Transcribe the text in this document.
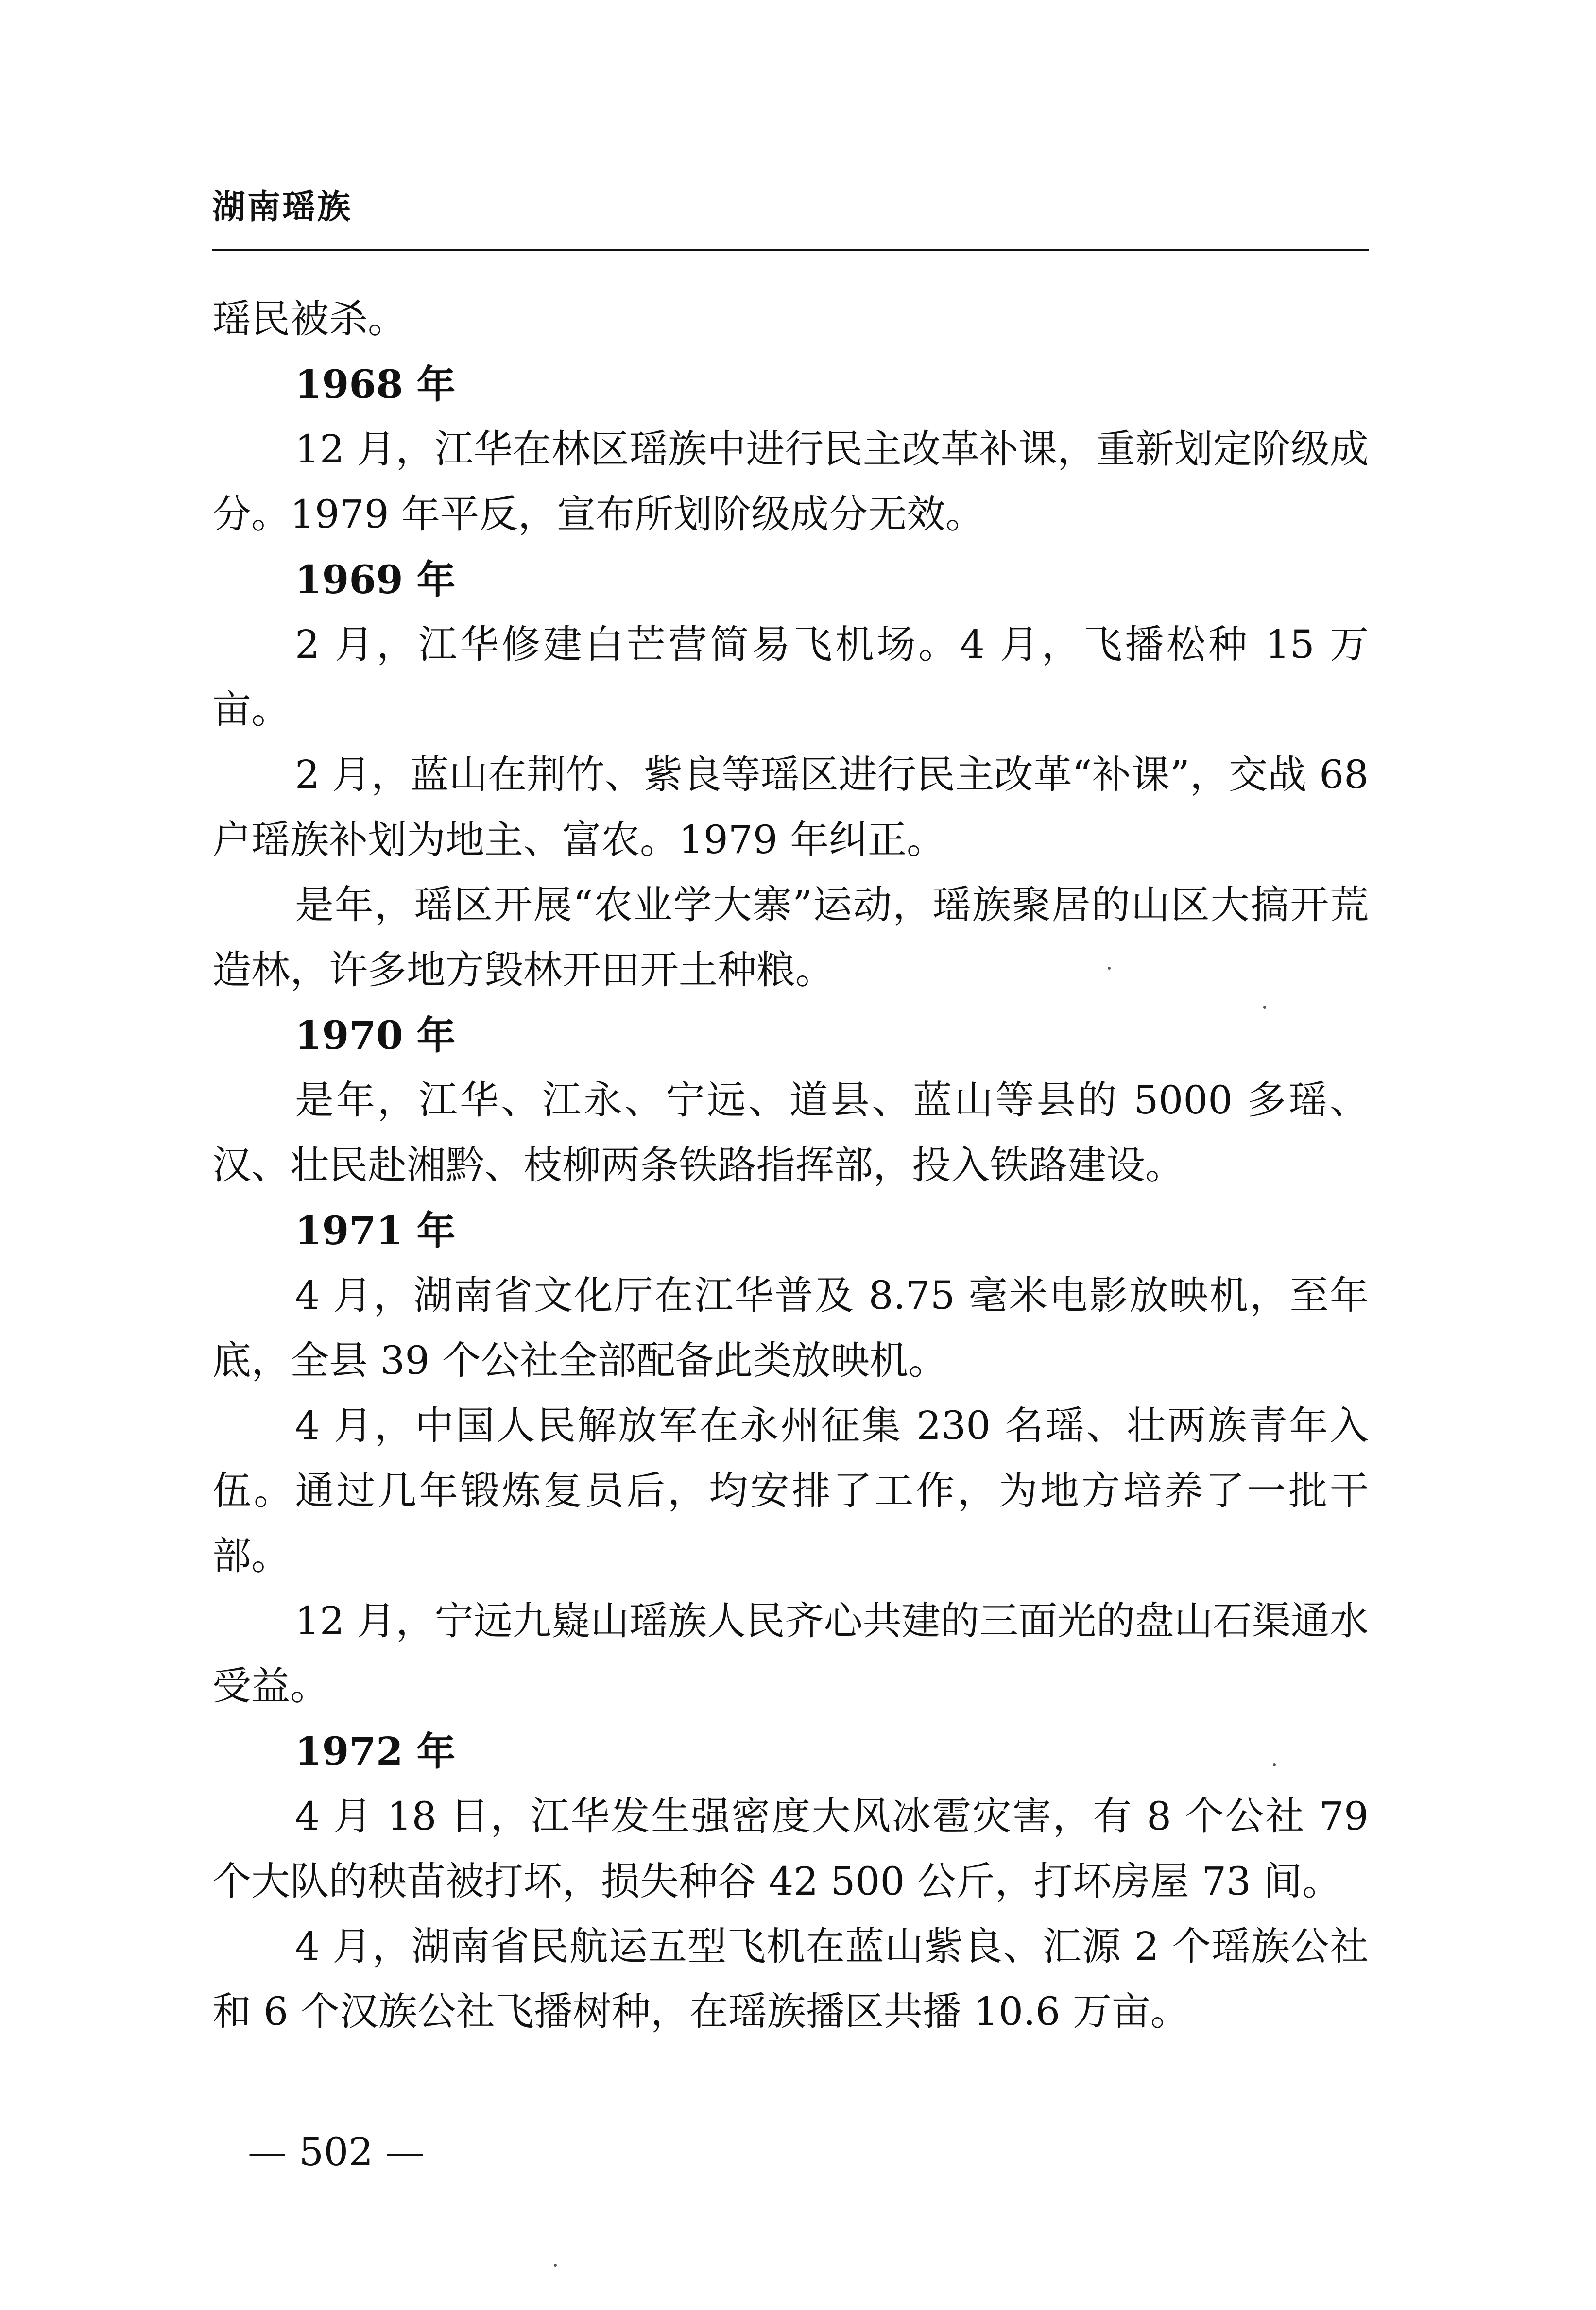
湖南瑶族

瑶民被杀。

1968 年

12 月，江华在林区瑶族中进行民主改革补课，重新划定阶级成分。1979 年平反，宣布所划阶级成分无效。

1969 年

2 月，江华修建白芒营简易飞机场。4 月，飞播松种 15 万亩。

2 月，蓝山在荆竹、紫良等瑶区进行民主改革“补课”，交战 68 户瑶族补划为地主、富农。1979 年纠正。

是年，瑶区开展“农业学大寨”运动，瑶族聚居的山区大搞开荒造林，许多地方毁林开田开土种粮。

1970 年

是年，江华、江永、宁远、道县、蓝山等县的 5000 多瑶、汉、壮民赴湘黔、枝柳两条铁路指挥部，投入铁路建设。

1971 年

4 月，湖南省文化厅在江华普及 8.75 毫米电影放映机，至年底，全县 39 个公社全部配备此类放映机。

4 月，中国人民解放军在永州征集 230 名瑶、壮两族青年入伍。通过几年锻炼复员后，均安排了工作，为地方培养了一批干部。

12 月，宁远九嶷山瑶族人民齐心共建的三面光的盘山石渠通水受益。

1972 年

4 月 18 日，江华发生强密度大风冰雹灾害，有 8 个公社 79 个大队的秧苗被打坏，损失种谷 42 500 公斤，打坏房屋 73 间。

4 月，湖南省民航运五型飞机在蓝山紫良、汇源 2 个瑶族公社和 6 个汉族公社飞播树种，在瑶族播区共播 10.6 万亩。

— 502 —
